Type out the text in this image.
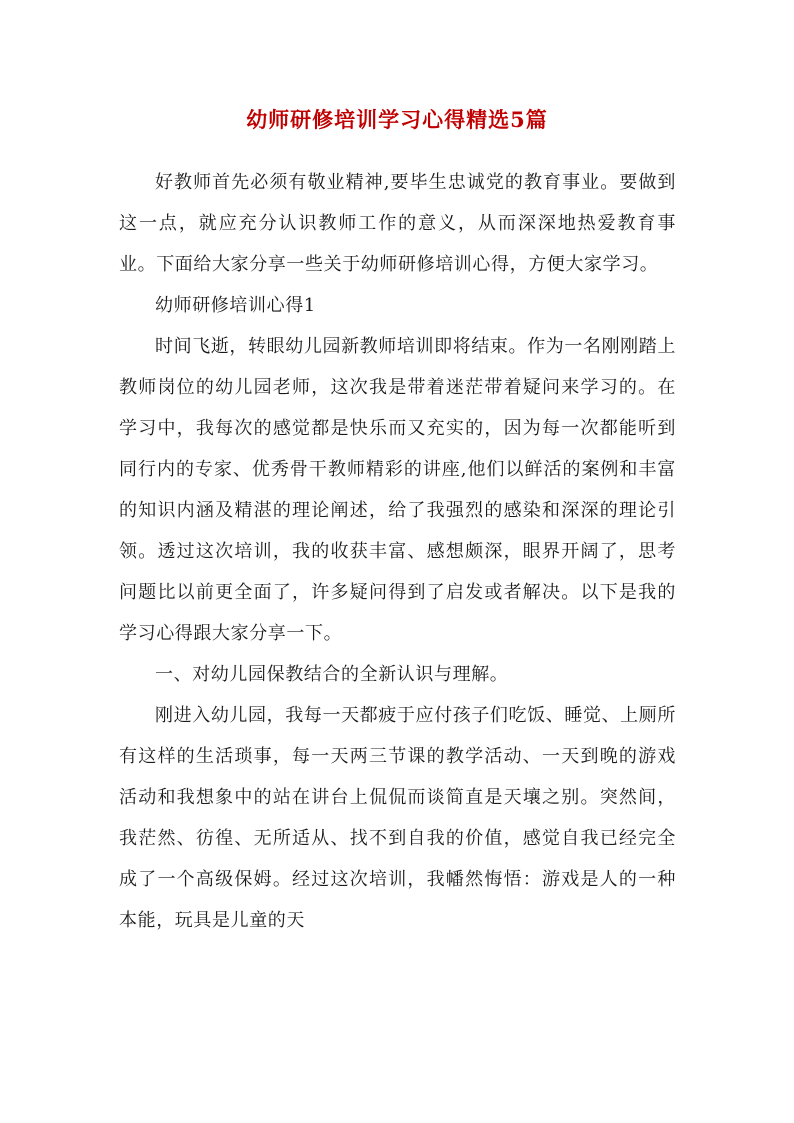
幼师研修培训学习心得精选5篇

好教师首先必须有敬业精神,要毕生忠诚党的教育事业。要做到这一点，就应充分认识教师工作的意义，从而深深地热爱教育事业。下面给大家分享一些关于幼师研修培训心得，方便大家学习。

幼师研修培训心得1

时间飞逝，转眼幼儿园新教师培训即将结束。作为一名刚刚踏上教师岗位的幼儿园老师，这次我是带着迷茫带着疑问来学习的。在学习中，我每次的感觉都是快乐而又充实的，因为每一次都能听到同行内的专家、优秀骨干教师精彩的讲座,他们以鲜活的案例和丰富的知识内涵及精湛的理论阐述，给了我强烈的感染和深深的理论引领。透过这次培训，我的收获丰富、感想颇深，眼界开阔了，思考问题比以前更全面了，许多疑问得到了启发或者解决。以下是我的学习心得跟大家分享一下。

一、对幼儿园保教结合的全新认识与理解。

刚进入幼儿园，我每一天都疲于应付孩子们吃饭、睡觉、上厕所有这样的生活琐事，每一天两三节课的教学活动、一天到晚的游戏活动和我想象中的站在讲台上侃侃而谈简直是天壤之别。突然间，我茫然、彷徨、无所适从、找不到自我的价值，感觉自我已经完全成了一个高级保姆。经过这次培训，我幡然悔悟：游戏是人的一种本能，玩具是儿童的天
